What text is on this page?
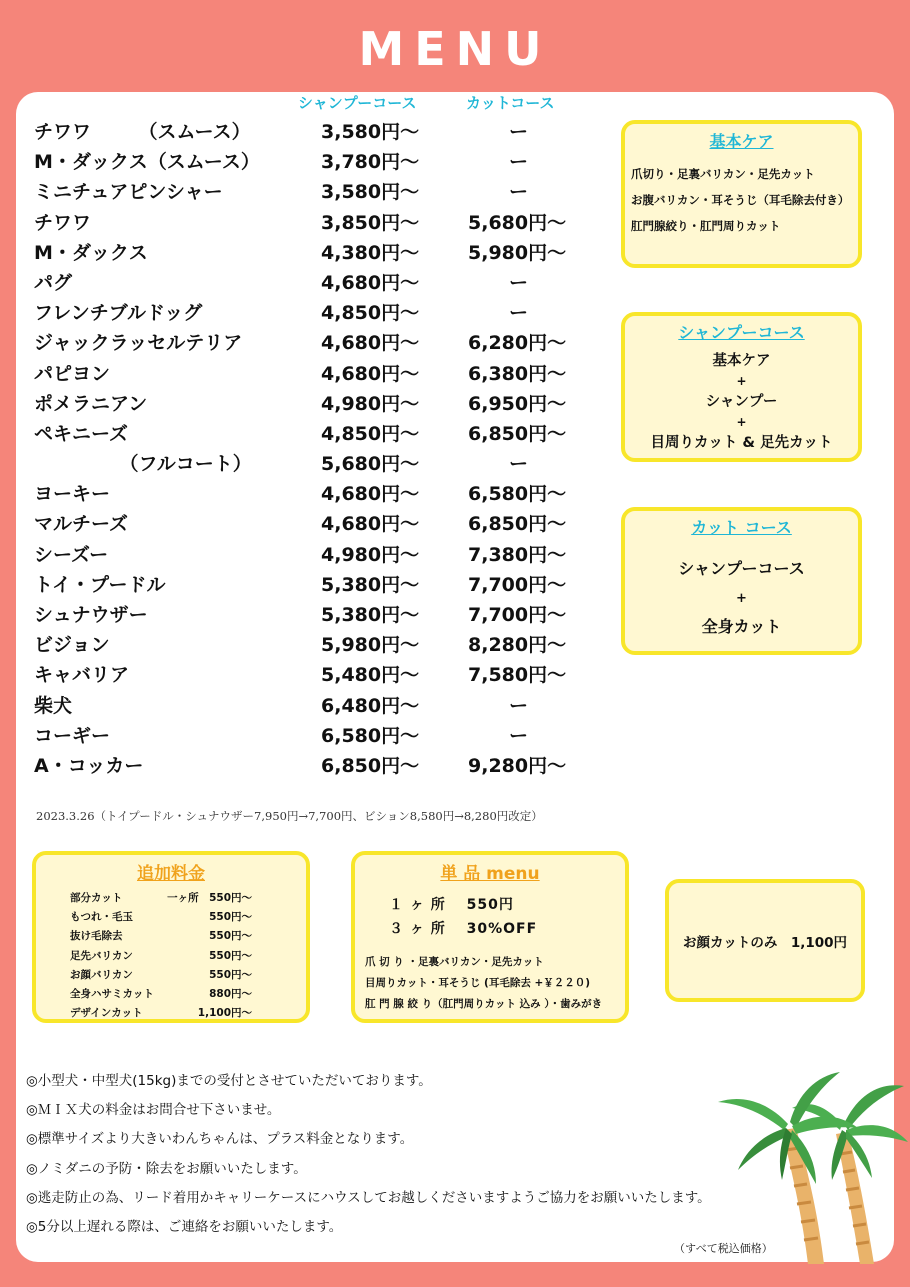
MENU
シャンプーコース	カットコース
チワワ　　　（スムース）	3,580円〜	ー
M・ダックス（スムース）	3,780円〜	ー
ミニチュアピンシャー	3,580円〜	ー
チワワ	3,850円〜	5,680円〜
M・ダックス	4,380円〜	5,980円〜
パグ	4,680円〜	ー
フレンチブルドッグ	4,850円〜	ー
ジャックラッセルテリア	4,680円〜	6,280円〜
パピヨン	4,680円〜	6,380円〜
ポメラニアン	4,980円〜	6,950円〜
ペキニーズ	4,850円〜	6,850円〜
　　　　　（フルコート）	5,680円〜	ー
ヨーキー	4,680円〜	6,580円〜
マルチーズ	4,680円〜	6,850円〜
シーズー	4,980円〜	7,380円〜
トイ・プードル	5,380円〜	7,700円〜
シュナウザー	5,380円〜	7,700円〜
ビジョン	5,980円〜	8,280円〜
キャバリア	5,480円〜	7,580円〜
柴犬	6,480円〜	ー
コーギー	6,580円〜	ー
A・コッカー	6,850円〜	9,280円〜
2023.3.26（トイプードル・シュナウザー7,950円→7,700円、ビション8,580円→8,280円改定）
基本ケア
爪切り・足裏バリカン・足先カット
お腹バリカン・耳そうじ（耳毛除去付き）
肛門腺絞り・肛門周りカット
シャンプーコース
基本ケア
+
シャンプー
+
目周りカット & 足先カット
カット コース
シャンプーコース
+
全身カット
追加料金
部分カット	一ヶ所　550円〜
もつれ・毛玉	550円〜
抜け毛除去	550円〜
足先バリカン	550円〜
お顔バリカン	550円〜
全身ハサミカット	880円〜
デザインカット	1,100円〜
単 品 menu
１ ヶ 所　 550円
３ ヶ 所　 30%OFF
爪 切 り ・足裏バリカン・足先カット
目周りカット・耳そうじ (耳毛除去 +￥２２０)
肛 門 腺 絞 り（肛門周りカット 込み ）・歯みがき
お顔カットのみ　1,100円
◎小型犬・中型犬(15kg)までの受付とさせていただいております。
◎ＭＩＸ犬の料金はお問合せ下さいませ。
◎標準サイズより大きいわんちゃんは、プラス料金となります。
◎ノミダニの予防・除去をお願いいたします。
◎逃走防止の為、リード着用かキャリーケースにハウスしてお越しくださいますようご協力をお願いいたします。
◎5分以上遅れる際は、ご連絡をお願いいたします。
（すべて税込価格）
